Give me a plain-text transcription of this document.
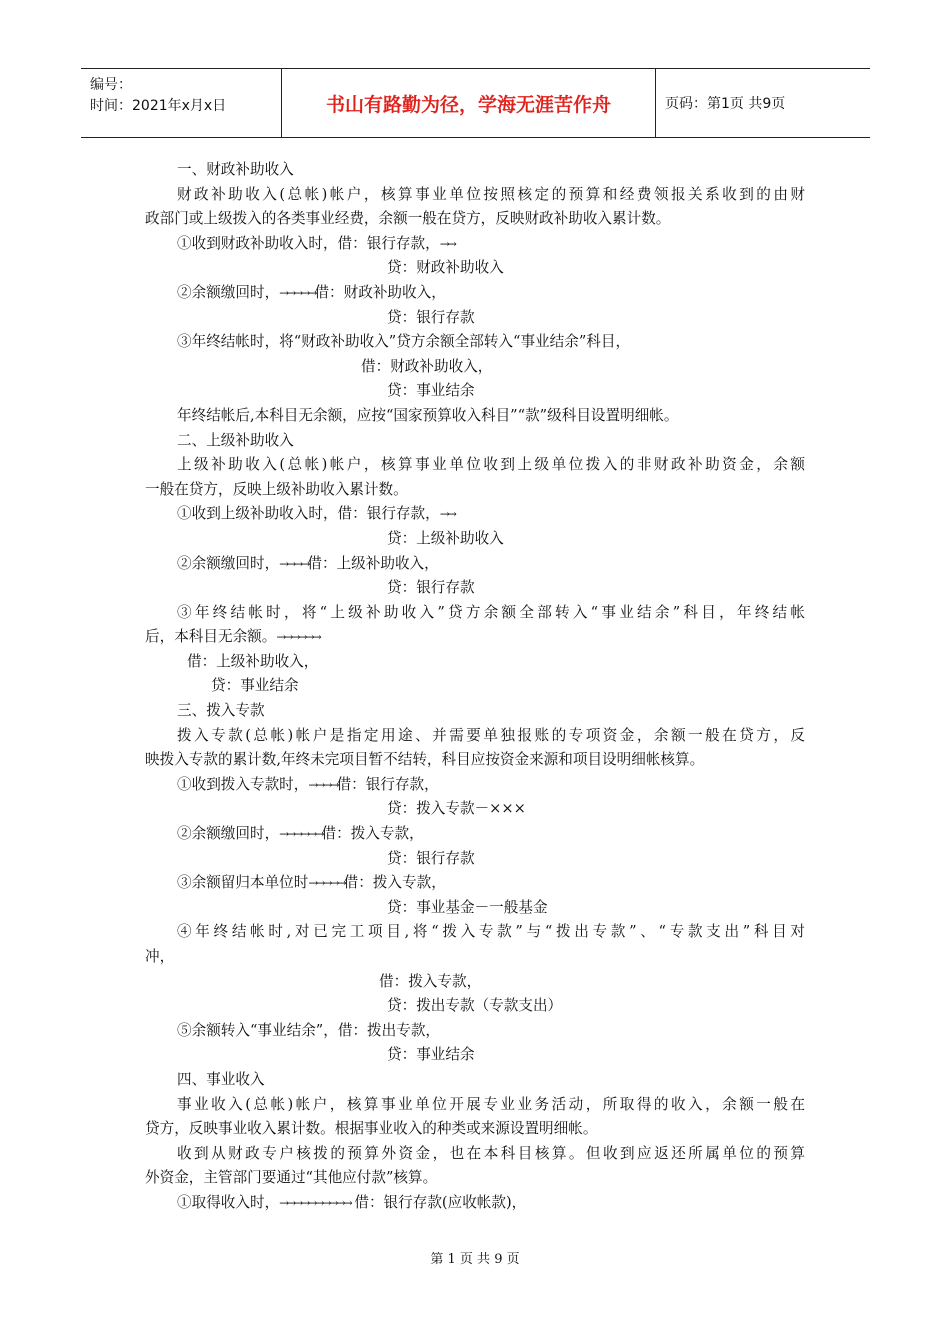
编号：
时间：2021年x月x日	书山有路勤为径，学海无涯苦作舟	页码：第1页 共9页
一、财政补助收入
财政补助收入(总帐)帐户，核算事业单位按照核定的预算和经费领报关系收到的由财
政部门或上级拨入的各类事业经费，余额一般在贷方，反映财政补助收入累计数。
①收到财政补助收入时，借：银行存款，→→
贷：财政补助收入
②余额缴回时，→→→→→借：财政补助收入，
贷：银行存款
③年终结帐时，将“财政补助收入”贷方余额全部转入“事业结余”科目，
借：财政补助收入，
贷：事业结余
年终结帐后,本科目无余额，应按“国家预算收入科目”“款”级科目设置明细帐。
二、上级补助收入
上级补助收入(总帐)帐户，核算事业单位收到上级单位拨入的非财政补助资金，余额
一般在贷方，反映上级补助收入累计数。
①收到上级补助收入时，借：银行存款，→→
贷：上级补助收入
②余额缴回时，→→→→借：上级补助收入，
贷：银行存款
③年终结帐时，将“上级补助收入”贷方余额全部转入“事业结余”科目，年终结帐
后，本科目无余额。→→→→→→
借：上级补助收入，
贷：事业结余
三、拨入专款
拨入专款(总帐)帐户是指定用途、并需要单独报账的专项资金，余额一般在贷方，反
映拨入专款的累计数,年终未完项目暂不结转，科目应按资金来源和项目设明细帐核算。
①收到拨入专款时，→→→→借：银行存款，
贷：拨入专款－×××
②余额缴回时，→→→→→→借：拨入专款，
贷：银行存款
③余额留归本单位时→→→→→借：拨入专款，
贷：事业基金－一般基金
④年终结帐时,对已完工项目,将“拨入专款”与“拨出专款”、“专款支出”科目对
冲，
借：拨入专款，
贷：拨出专款（专款支出）
⑤余额转入“事业结余”，借：拨出专款，
贷：事业结余
四、事业收入
事业收入(总帐)帐户，核算事业单位开展专业业务活动，所取得的收入，余额一般在
贷方，反映事业收入累计数。根据事业收入的种类或来源设置明细帐。
收到从财政专户核拨的预算外资金，也在本科目核算。但收到应返还所属单位的预算
外资金，主管部门要通过“其他应付款”核算。
①取得收入时，→→→→→→→→→→ 借：银行存款(应收帐款)，
第 1 页 共 9 页
